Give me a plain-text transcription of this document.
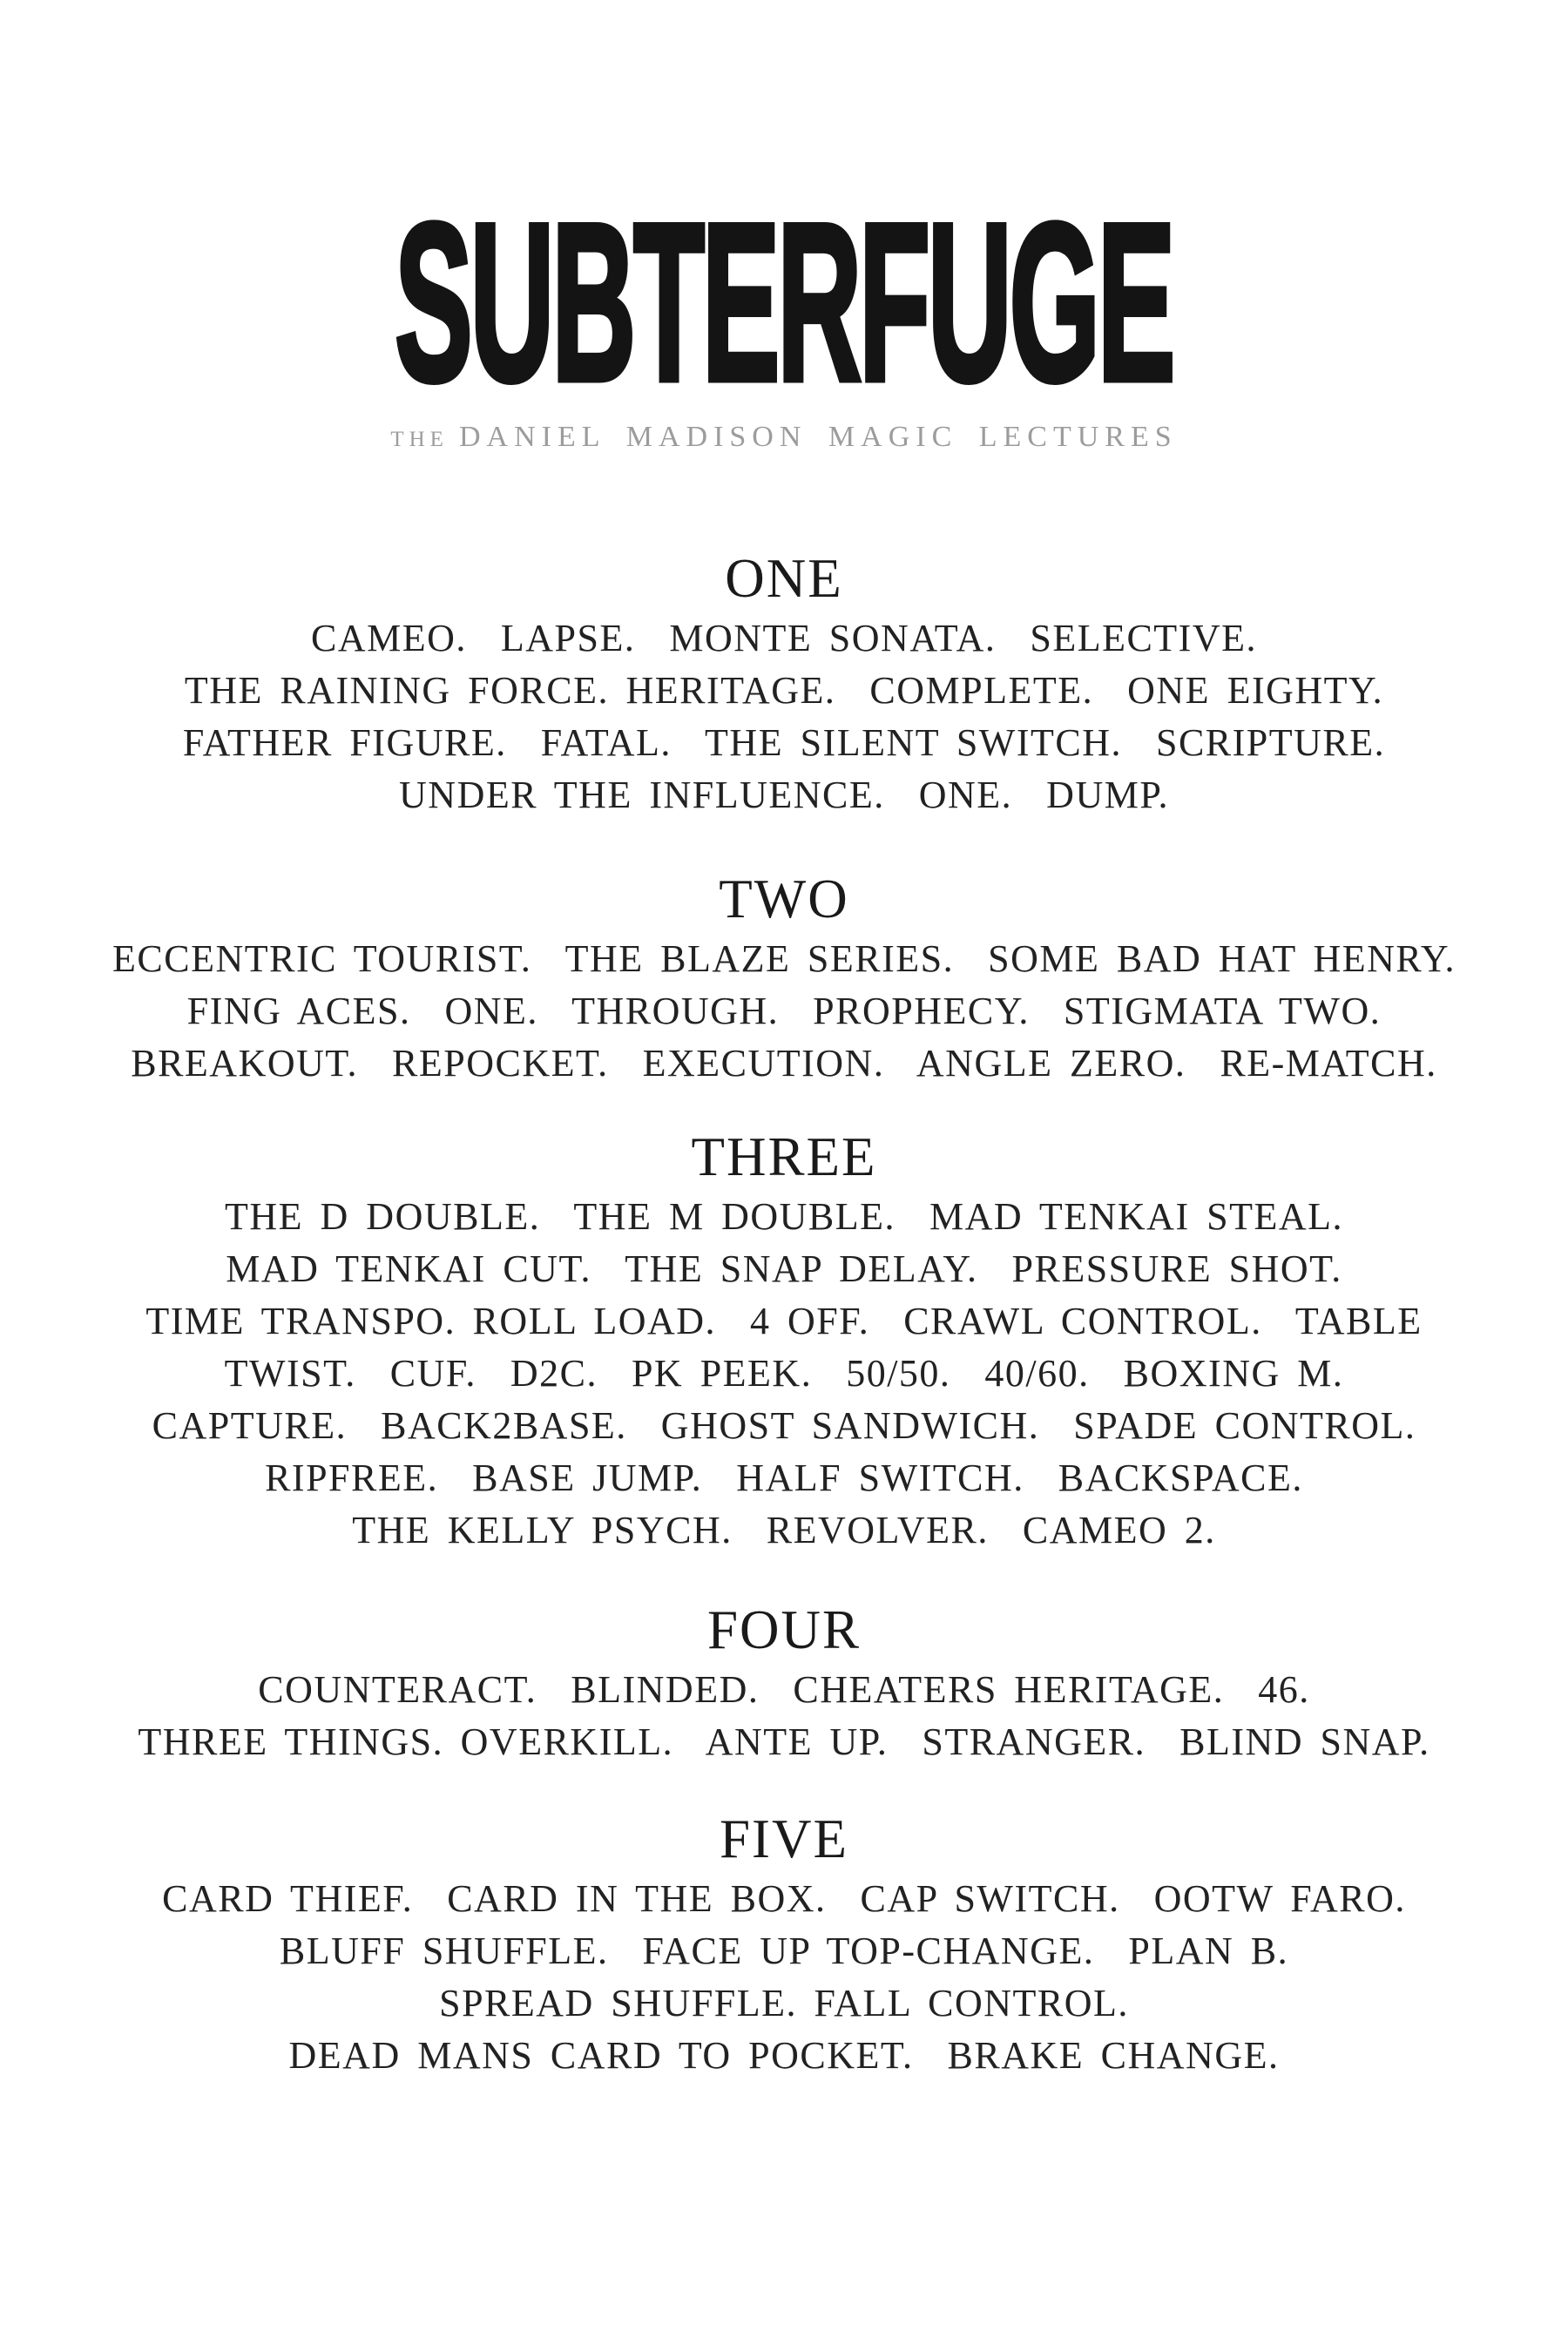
SUBTERFUGE
THE DANIEL MADISON MAGIC LECTURES
ONE

CAMEO.  LAPSE.  MONTE SONATA.  SELECTIVE.

THE RAINING FORCE. HERITAGE.  COMPLETE.  ONE EIGHTY.

FATHER FIGURE.  FATAL.  THE SILENT SWITCH.  SCRIPTURE.

UNDER THE INFLUENCE.  ONE.  DUMP.

TWO

ECCENTRIC TOURIST.  THE BLAZE SERIES.  SOME BAD HAT HENRY.

FING ACES.  ONE.  THROUGH.  PROPHECY.  STIGMATA TWO.

BREAKOUT.  REPOCKET.  EXECUTION.  ANGLE ZERO.  RE-MATCH.

THREE

THE D DOUBLE.  THE M DOUBLE.  MAD TENKAI STEAL.

MAD TENKAI CUT.  THE SNAP DELAY.  PRESSURE SHOT.

TIME TRANSPO. ROLL LOAD.  4 OFF.  CRAWL CONTROL.  TABLE

TWIST.  CUF.  D2C.  PK PEEK.  50/50.  40/60.  BOXING M.

CAPTURE.  BACK2BASE.  GHOST SANDWICH.  SPADE CONTROL.

RIPFREE.  BASE JUMP.  HALF SWITCH.  BACKSPACE.

THE KELLY PSYCH.  REVOLVER.  CAMEO 2.

FOUR

COUNTERACT.  BLINDED.  CHEATERS HERITAGE.  46.

THREE THINGS. OVERKILL.  ANTE UP.  STRANGER.  BLIND SNAP.

FIVE

CARD THIEF.  CARD IN THE BOX.  CAP SWITCH.  OOTW FARO.

BLUFF SHUFFLE.  FACE UP TOP-CHANGE.  PLAN B.

SPREAD SHUFFLE. FALL CONTROL.

DEAD MANS CARD TO POCKET.  BRAKE CHANGE.
